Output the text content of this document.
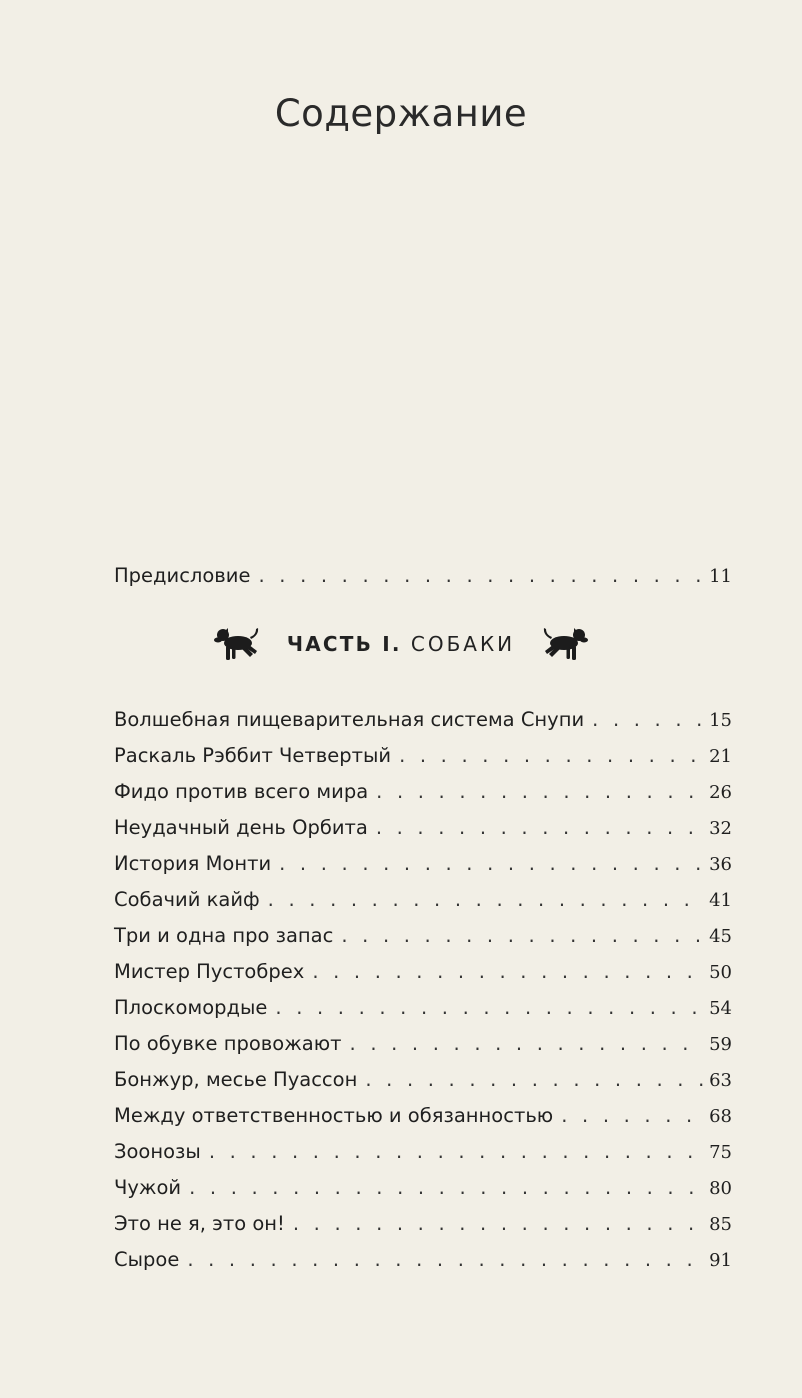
Содержание
Предисловие . . .	11
ЧАСТЬ I. СОБАКИ
Волшебная пищеварительная система Снупи . . .	15
Раскаль Рэббит Четвертый . . .	21
Фидо против всего мира . . .	26
Неудачный день Орбита . . .	32
История Монти . . .	36
Собачий кайф . . .	41
Три и одна про запас . . .	45
Мистер Пустобрех . . .	50
Плоскомордые . . .	54
По обувке провожают . . .	59
Бонжур, месье Пуассон . . .	63
Между ответственностью и обязанностью . . .	68
Зоонозы . . .	75
Чужой . . .	80
Это не я, это он! . . .	85
Сырое . . .	91
